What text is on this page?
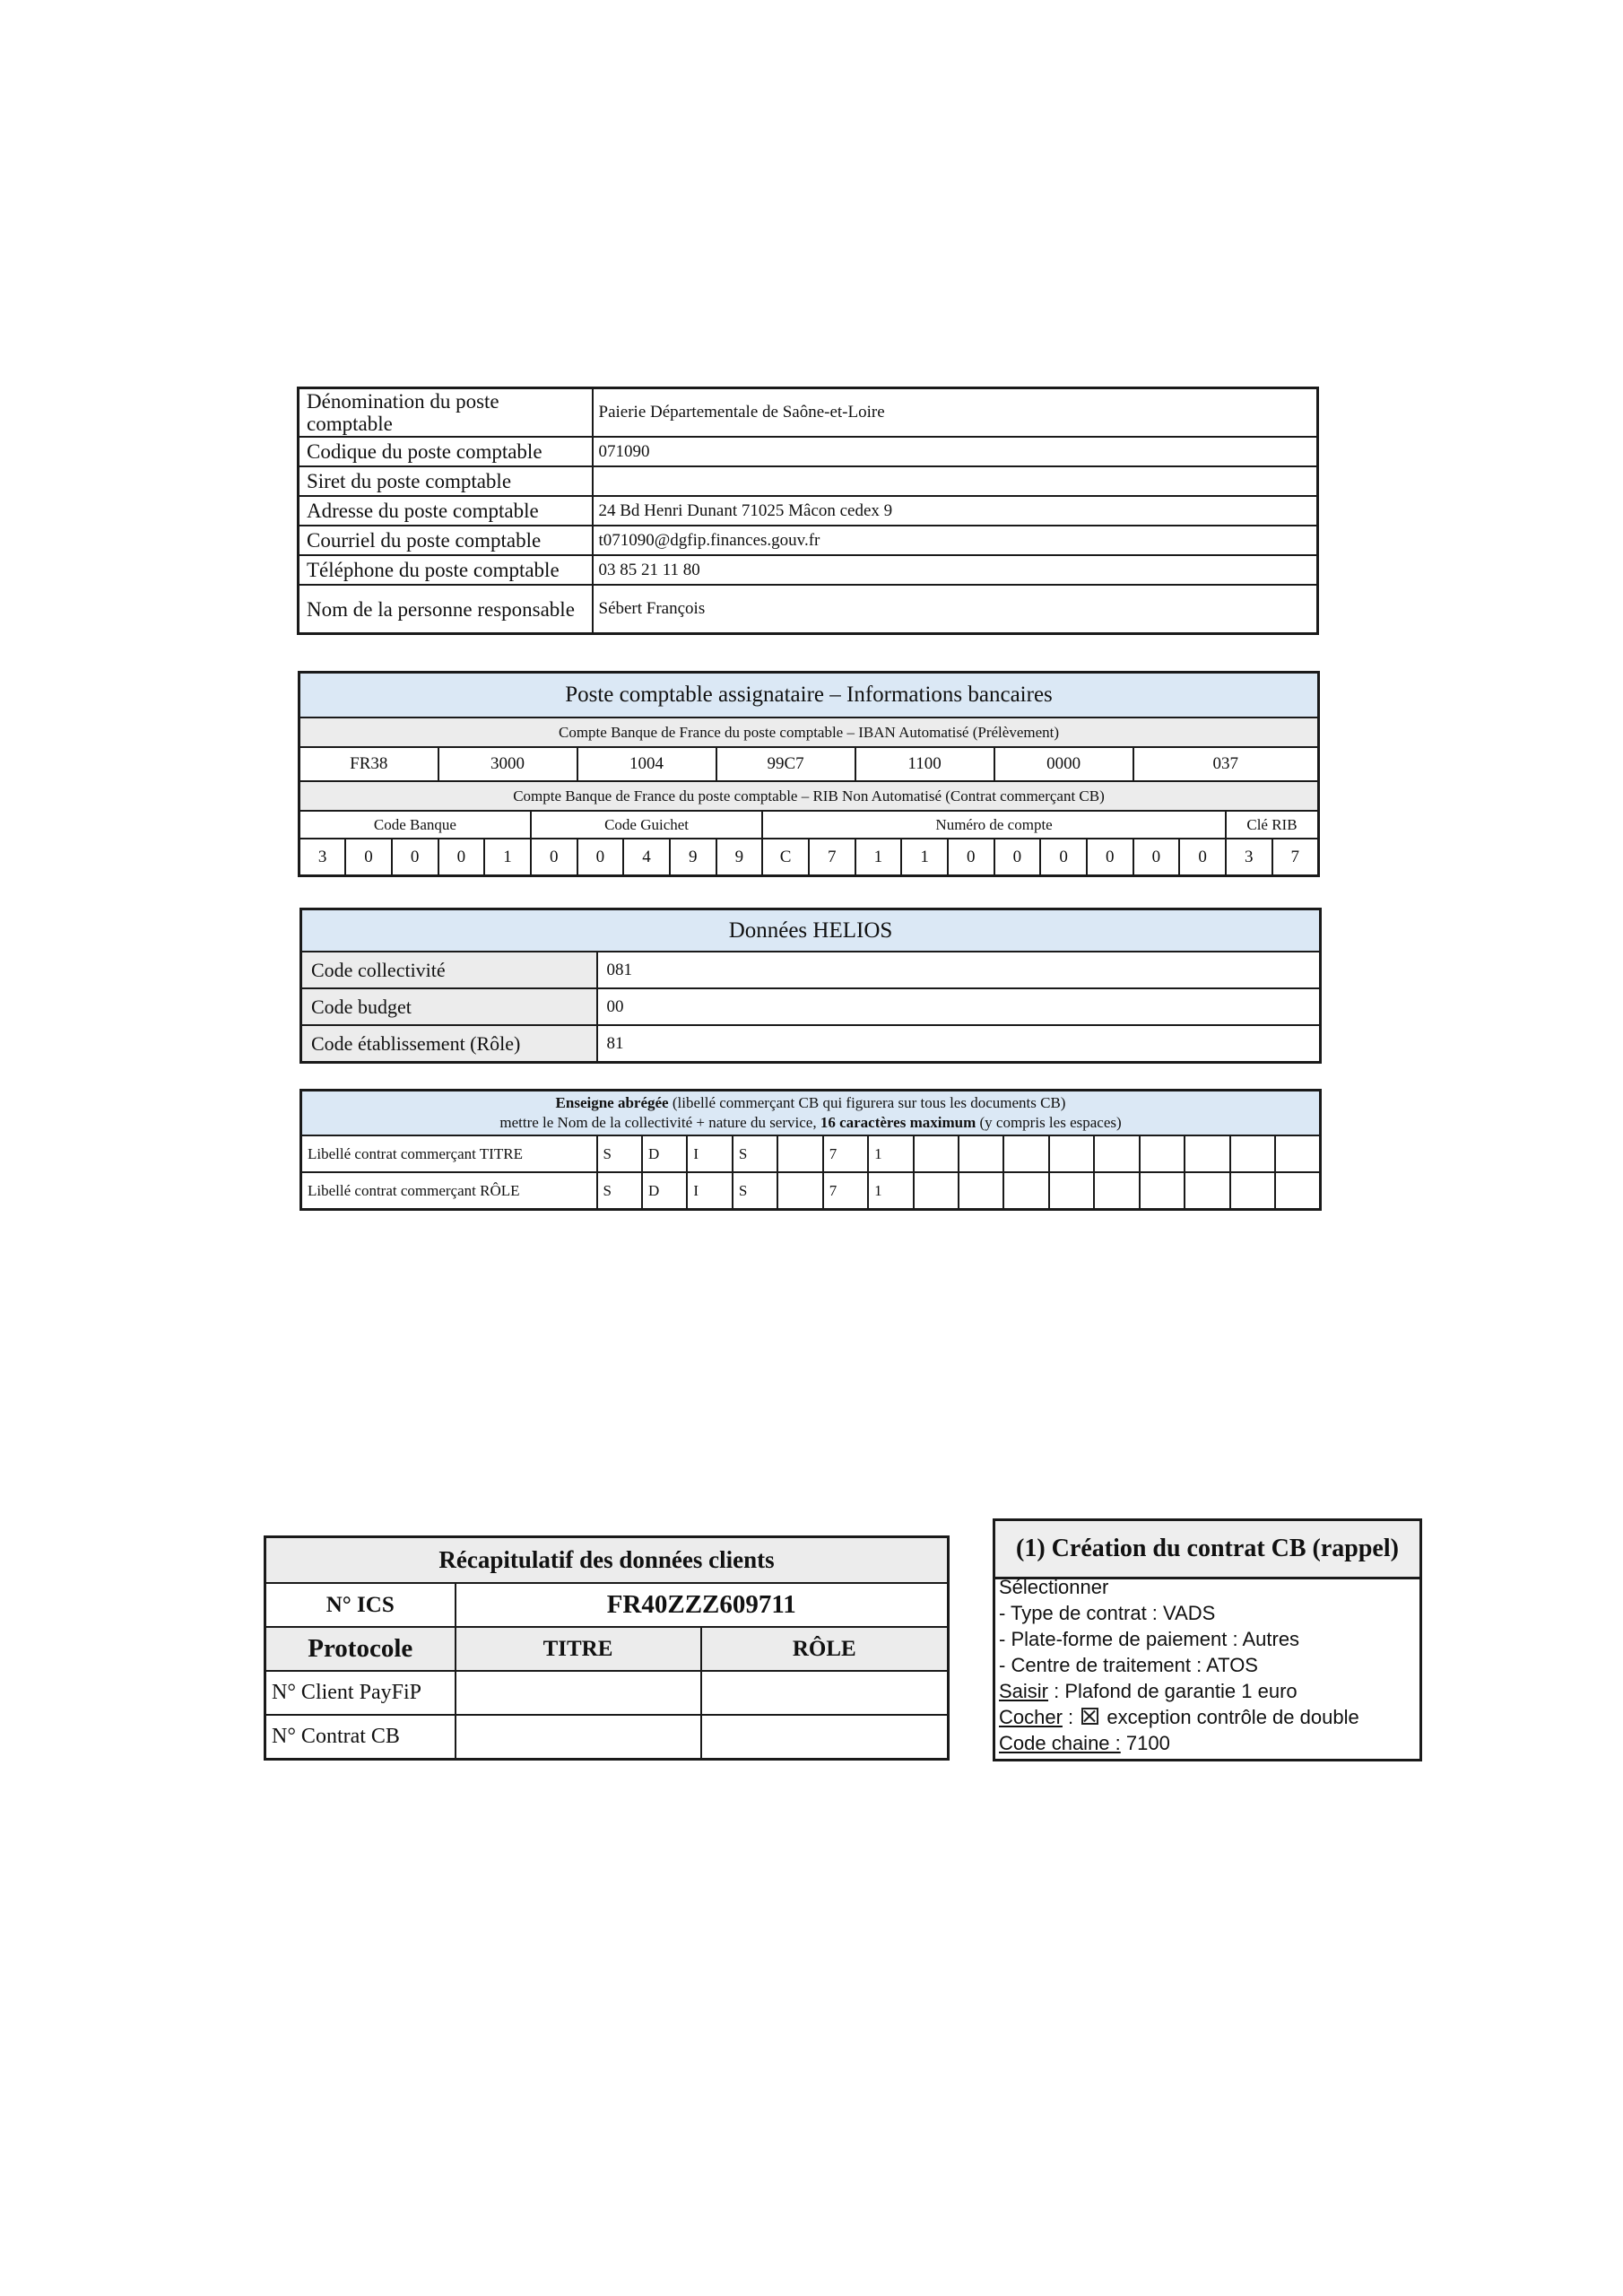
Dénomination du poste comptable	Paierie Départementale de Saône-et-Loire
Codique du poste comptable	071090
Siret du poste comptable	
Adresse du poste comptable	24 Bd Henri Dunant 71025 Mâcon cedex 9
Courriel du poste comptable	t071090@dgfip.finances.gouv.fr
Téléphone du poste comptable	03 85 21 11 80
Nom de la personne responsable	Sébert François
Poste comptable assignataire – Informations bancaires																					
Compte Banque de France du poste comptable – IBAN Automatisé (Prélèvement)																					
FR38			3000			1004			99C7			1100			0000			037			
Compte Banque de France du poste comptable – RIB Non Automatisé (Contrat commerçant CB)																					
Code Banque					Code Guichet					Numéro de compte										Clé RIB	
3	0	0	0	1	0	0	4	9	9	C	7	1	1	0	0	0	0	0	0	3	7
Données HELIOS	
Code collectivité	081
Code budget	00
Code établissement (Rôle)	81
Enseigne abrégée (libellé commerçant CB qui figurera sur tous les documents CB)
mettre le Nom de la collectivité + nature du service, 16 caractères maximum (y compris les espaces)																
Libellé contrat commerçant TITRE	S	D	I	S		7	1									
Libellé contrat commerçant RÔLE	S	D	I	S		7	1									
Récapitulatif des données clients		
N° ICS	FR40ZZZ609711	
Protocole	TITRE	RÔLE
N° Client PayFiP		
N° Contrat CB		
(1) Création du contrat CB (rappel)
Sélectionner
- Type de contrat : VADS
- Plate-forme de paiement : Autres
- Centre de traitement : ATOS
Saisir : Plafond de garantie 1 euro
Cocher :  exception contrôle de double
Code chaine : 7100
